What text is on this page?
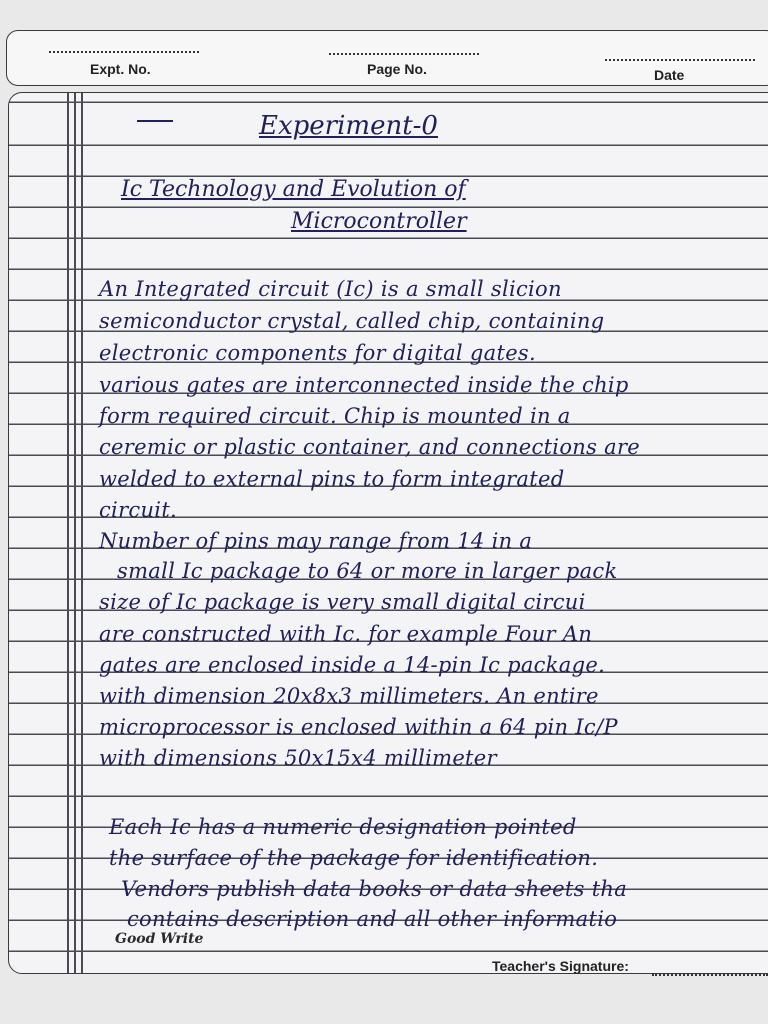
Expt. No.	Page No.	Date
Experiment-0
Ic Technology and Evolution of
Microcontroller
An Integrated circuit (Ic) is a small slicion
semiconductor crystal, called chip, containing
electronic components for digital gates.
various gates are interconnected inside the chip
form required circuit. Chip is mounted in a
ceremic or plastic container, and connections are
welded to external pins to form integrated
circuit.
Number of pins may range from 14 in a
small Ic package to 64 or more in larger pack
size of Ic package is very small digital circui
are constructed with Ic. for example Four An
gates are enclosed inside a 14-pin Ic package.
with dimension 20x8x3 millimeters. An entire
microprocessor is enclosed within a 64 pin Ic/P
with dimensions 50x15x4 millimeter
Each Ic has a numeric designation pointed
the surface of the package for identification.
Vendors publish data books or data sheets tha
contains description and all other informatio
Good Write
Teacher's Signature:
